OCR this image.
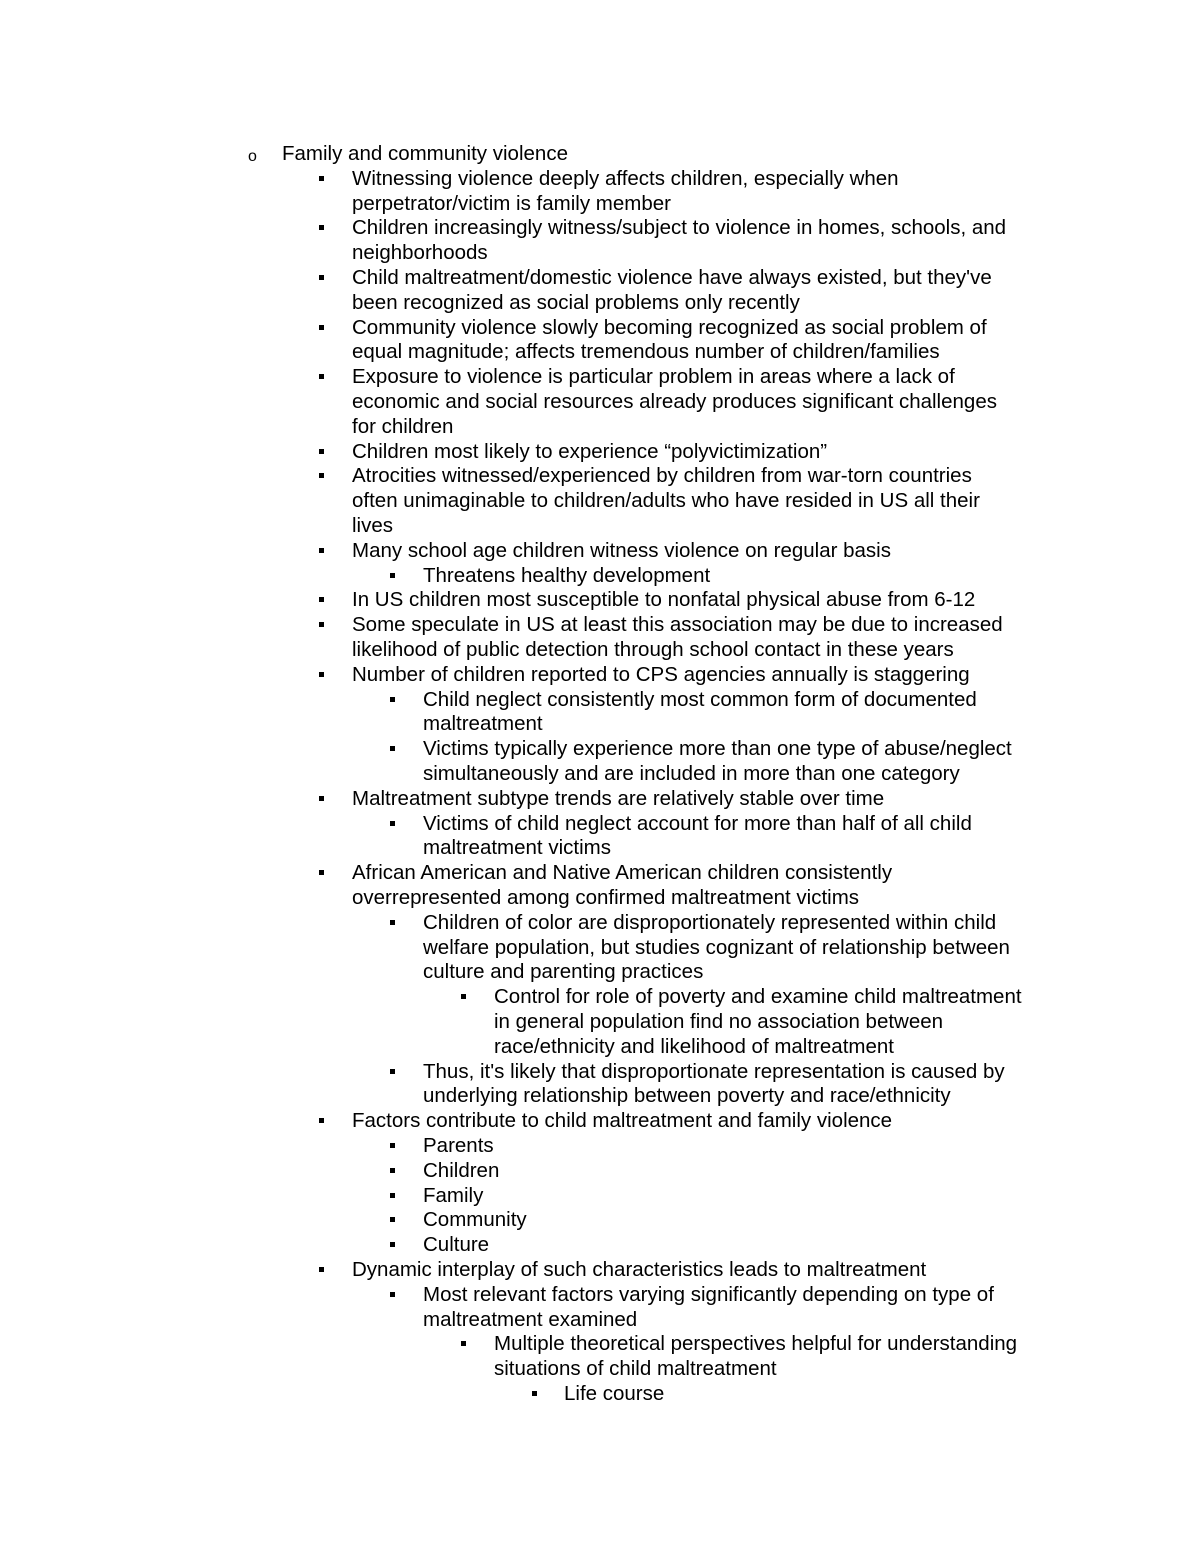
Family and community violence
o
Witnessing violence deeply affects children, especially when
perpetrator/victim is family member
Children increasingly witness/subject to violence in homes, schools, and
neighborhoods
Child maltreatment/domestic violence have always existed, but they've
been recognized as social problems only recently
Community violence slowly becoming recognized as social problem of
equal magnitude; affects tremendous number of children/families
Exposure to violence is particular problem in areas where a lack of
economic and social resources already produces significant challenges
for children
Children most likely to experience “polyvictimization”
Atrocities witnessed/experienced by children from war-torn countries
often unimaginable to children/adults who have resided in US all their
lives
Many school age children witness violence on regular basis
Threatens healthy development
In US children most susceptible to nonfatal physical abuse from 6-12
Some speculate in US at least this association may be due to increased
likelihood of public detection through school contact in these years
Number of children reported to CPS agencies annually is staggering
Child neglect consistently most common form of documented
maltreatment
Victims typically experience more than one type of abuse/neglect
simultaneously and are included in more than one category
Maltreatment subtype trends are relatively stable over time
Victims of child neglect account for more than half of all child
maltreatment victims
African American and Native American children consistently
overrepresented among confirmed maltreatment victims
Children of color are disproportionately represented within child
welfare population, but studies cognizant of relationship between
culture and parenting practices
Control for role of poverty and examine child maltreatment
in general population find no association between
race/ethnicity and likelihood of maltreatment
Thus, it's likely that disproportionate representation is caused by
underlying relationship between poverty and race/ethnicity
Factors contribute to child maltreatment and family violence
Parents
Children
Family
Community
Culture
Dynamic interplay of such characteristics leads to maltreatment
Most relevant factors varying significantly depending on type of
maltreatment examined
Multiple theoretical perspectives helpful for understanding
situations of child maltreatment
Life course
